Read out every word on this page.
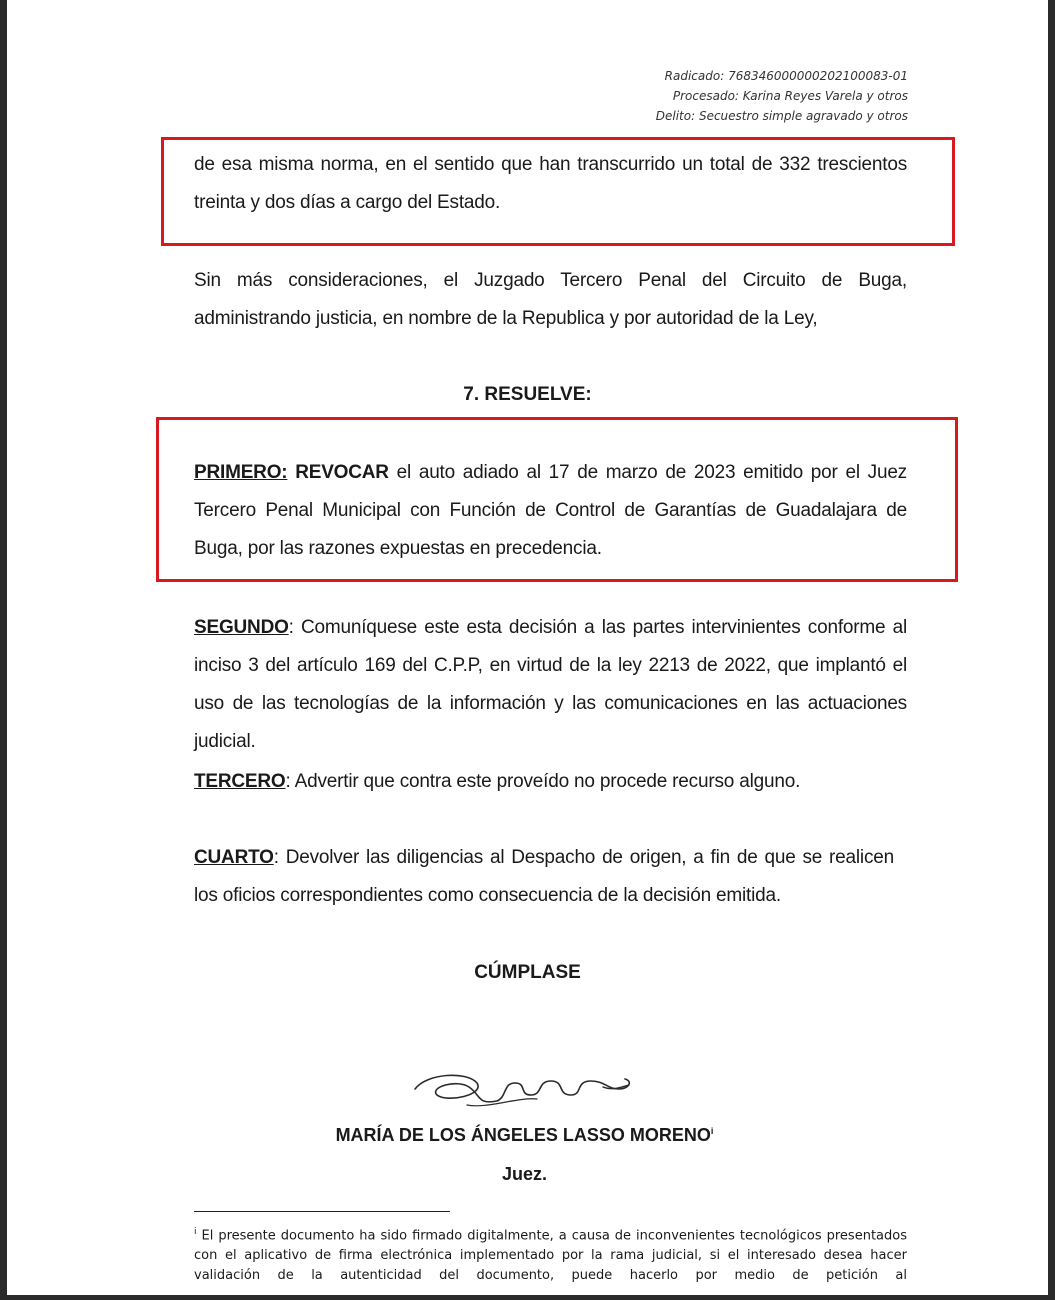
Radicado: 768346000000202100083-01
Procesado: Karina Reyes Varela y otros
Delito: Secuestro simple agravado y otros
de esa misma norma, en el sentido que han transcurrido un total de 332 trescientos treinta y dos días a cargo del Estado.
Sin más consideraciones, el Juzgado Tercero Penal del Circuito de Buga, administrando justicia, en nombre de la Republica y por autoridad de la Ley,
7. RESUELVE:
PRIMERO: REVOCAR el auto adiado al 17 de marzo de 2023 emitido por el Juez Tercero Penal Municipal con Función de Control de Garantías de Guadalajara de Buga, por las razones expuestas en precedencia.
SEGUNDO: Comuníquese este esta decisión a las partes intervinientes conforme al inciso 3 del artículo 169 del C.P.P, en virtud de la ley 2213 de 2022, que implantó el uso de las tecnologías de la información y las comunicaciones en las actuaciones judicial.
TERCERO: Advertir que contra este proveído no procede recurso alguno.
CUARTO: Devolver las diligencias al Despacho de origen, a fin de que se realicen los oficios correspondientes como consecuencia de la decisión emitida.
CÚMPLASE
MARÍA DE LOS ÁNGELES LASSO MORENO$^i$
Juez.
$^i$ El presente documento ha sido firmado digitalmente, a causa de inconvenientes tecnológicos presentados con el aplicativo de firma electrónica implementado por la rama judicial, si el interesado desea hacer validación de la autenticidad del documento, puede hacerlo por medio de petición al
